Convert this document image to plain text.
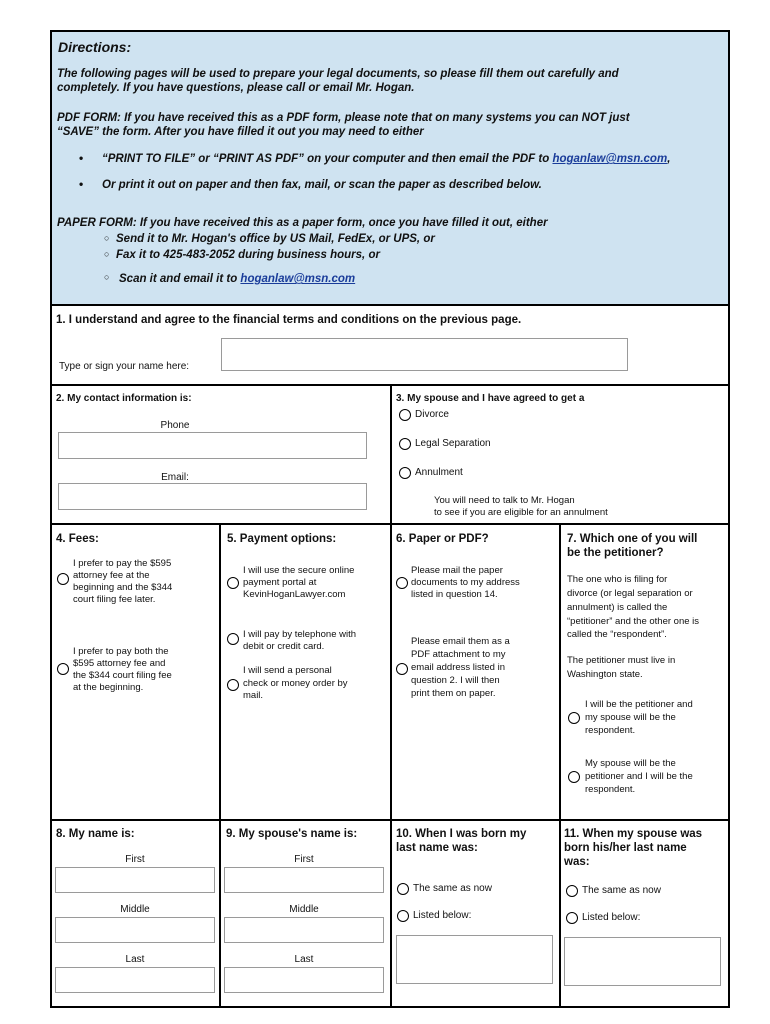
Directions:
The following pages will be used to prepare your legal documents, so please fill them out carefully and
completely. If you have questions, please call or email Mr. Hogan.
PDF FORM: If you have received this as a PDF form, please note that on many systems you can NOT just
“SAVE” the form. After you have filled it out you may need to either
• “PRINT TO FILE” or “PRINT AS PDF” on your computer and then email the PDF to hoganlaw@msn.com,
• Or print it out on paper and then fax, mail, or scan the paper as described below.
PAPER FORM: If you have received this as a paper form, once you have filled it out, either
○ Send it to Mr. Hogan's office by US Mail, FedEx, or UPS, or
○ Fax it to 425-483-2052 during business hours, or
○ Scan it and email it to hoganlaw@msn.com
1. I understand and agree to the financial terms and conditions on the previous page.
Type or sign your name here:
2. My contact information is:
Phone
Email:
3. My spouse and I have agreed to get a
Divorce
Legal Separation
Annulment
You will need to talk to Mr. Hogan
to see if you are eligible for an annulment
4. Fees:
I prefer to pay the $595
attorney fee at the
beginning and the $344
court filing fee later.
I prefer to pay both the
$595 attorney fee and
the $344 court filing fee
at the beginning.
5. Payment options:
I will use the secure online
payment portal at
KevinHoganLawyer.com
I will pay by telephone with
debit or credit card.
I will send a personal
check or money order by
mail.
6. Paper or PDF?
Please mail the paper
documents to my address
listed in question 14.
Please email them as a
PDF attachment to my
email address listed in
question 2. I will then
print them on paper.
7. Which one of you will
be the petitioner?
The one who is filing for
divorce (or legal separation or
annulment) is called the
“petitioner” and the other one is
called the “respondent”.
The petitioner must live in
Washington state.
I will be the petitioner and
my spouse will be the
respondent.
My spouse will be the
petitioner and I will be the
respondent.
8. My name is:
First
Middle
Last
9. My spouse's name is:
First
Middle
Last
10. When I was born my
last name was:
The same as now
Listed below:
11. When my spouse was
born his/her last name
was:
The same as now
Listed below:
